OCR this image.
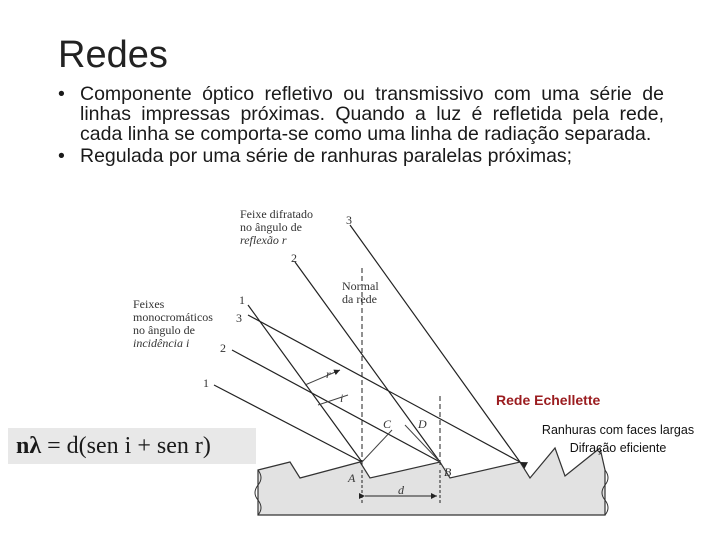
Redes
• Componente óptico refletivo ou transmissivo com uma série de linhas impressas próximas. Quando a luz é refletida pela rede, cada linha se comporta-se como uma linha de radiação separada.
• Regulada por uma série de ranhuras paralelas próximas;
Feixe difratado no ângulo de reflexão r
Normal da rede
Feixes monocromáticos no ângulo de incidência i
3
2
1
3
2
1
C D
A	B
d
r
i
nλ = d(sen i + sen r)
Rede Echellette
Ranhuras com faces largas
Difração eficiente
